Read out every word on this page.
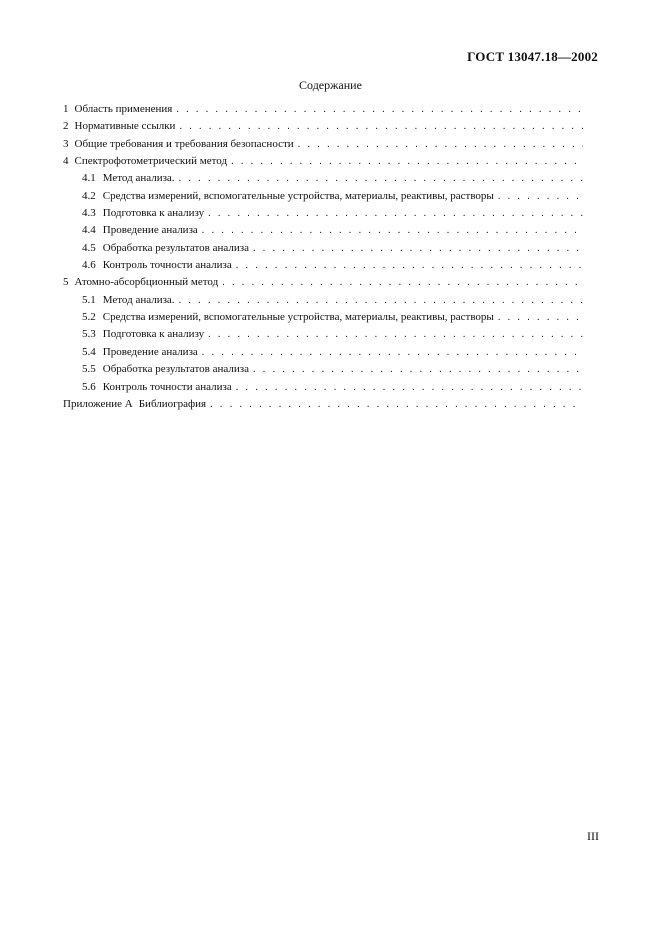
ГОСТ 13047.18—2002
Содержание
1 Область применения
. . .
2 Нормативные ссылки
. . .
3 Общие требования и требования безопасности
. . .
4 Спектрофотометрический метод
. . .
4.1 Метод анализа.
. . .
4.2 Средства измерений, вспомогательные устройства, материалы, реактивы, растворы
. . .
4.3 Подготовка к анализу
. . .
4.4 Проведение анализа
. . .
4.5 Обработка результатов анализа
. . .
4.6 Контроль точности анализа
. . .
5 Атомно-абсорбционный метод
. . .
5.1 Метод анализа.
. . .
5.2 Средства измерений, вспомогательные устройства, материалы, реактивы, растворы
. . .
5.3 Подготовка к анализу
. . .
5.4 Проведение анализа
. . .
5.5 Обработка результатов анализа
. . .
5.6 Контроль точности анализа
. . .
Приложение А Библиография
. . .
III
